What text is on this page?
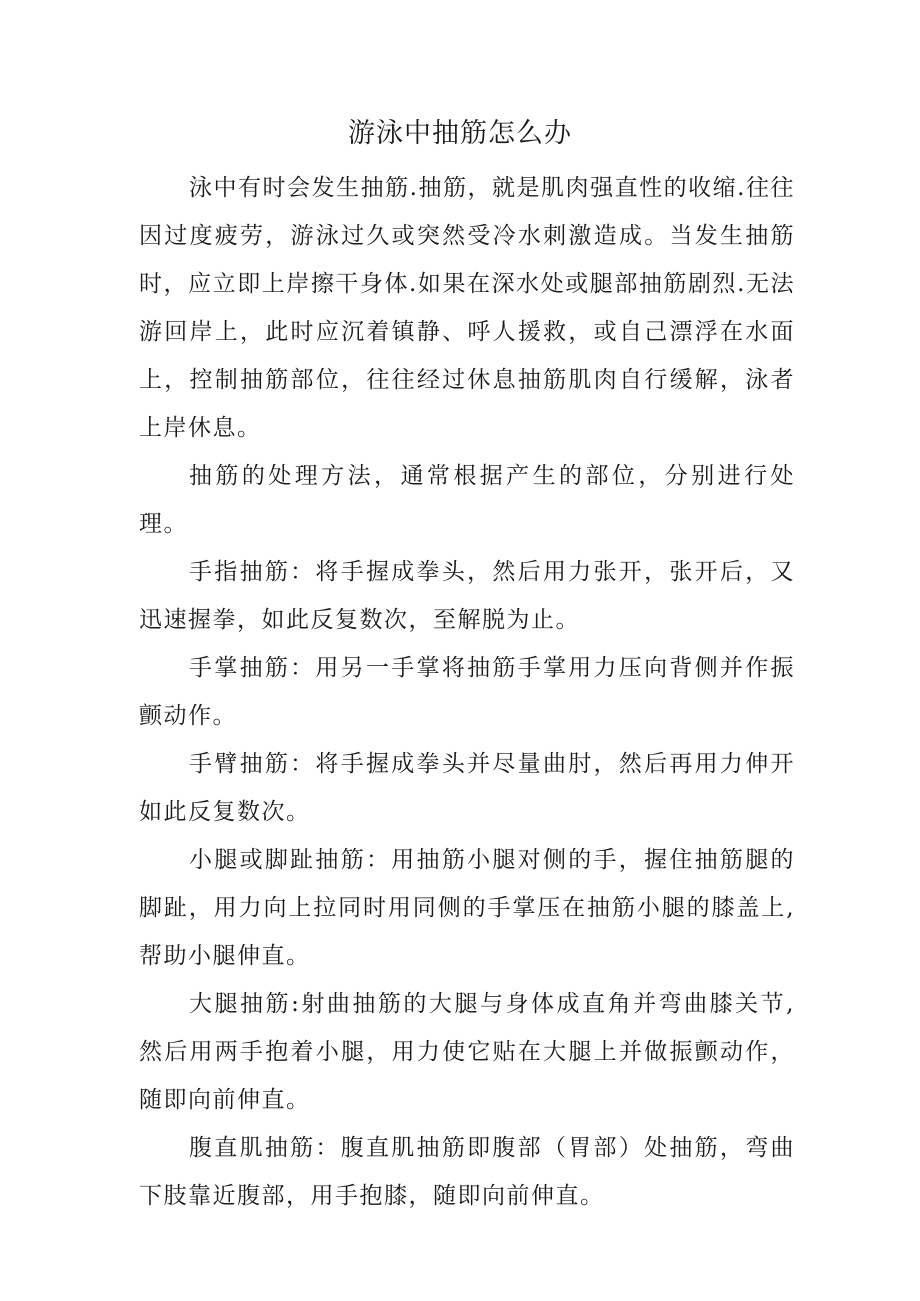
游泳中抽筋怎么办

泳中有时会发生抽筋.抽筋，就是肌肉强直性的收缩.往往因过度疲劳，游泳过久或突然受冷水刺激造成。当发生抽筋时，应立即上岸擦干身体.如果在深水处或腿部抽筋剧烈.无法游回岸上，此时应沉着镇静、呼人援救，或自己漂浮在水面上，控制抽筋部位，往往经过休息抽筋肌肉自行缓解，泳者上岸休息。

抽筋的处理方法，通常根据产生的部位，分别进行处理。

手指抽筋：将手握成拳头，然后用力张开，张开后，又迅速握拳，如此反复数次，至解脱为止。

手掌抽筋：用另一手掌将抽筋手掌用力压向背侧并作振颤动作。

手臂抽筋：将手握成拳头并尽量曲肘，然后再用力伸开如此反复数次。

小腿或脚趾抽筋：用抽筋小腿对侧的手，握住抽筋腿的脚趾，用力向上拉同时用同侧的手掌压在抽筋小腿的膝盖上,帮助小腿伸直。

大腿抽筋:射曲抽筋的大腿与身体成直角并弯曲膝关节,然后用两手抱着小腿，用力使它贴在大腿上并做振颤动作，随即向前伸直。

腹直肌抽筋：腹直肌抽筋即腹部（胃部）处抽筋，弯曲下肢靠近腹部，用手抱膝，随即向前伸直。
